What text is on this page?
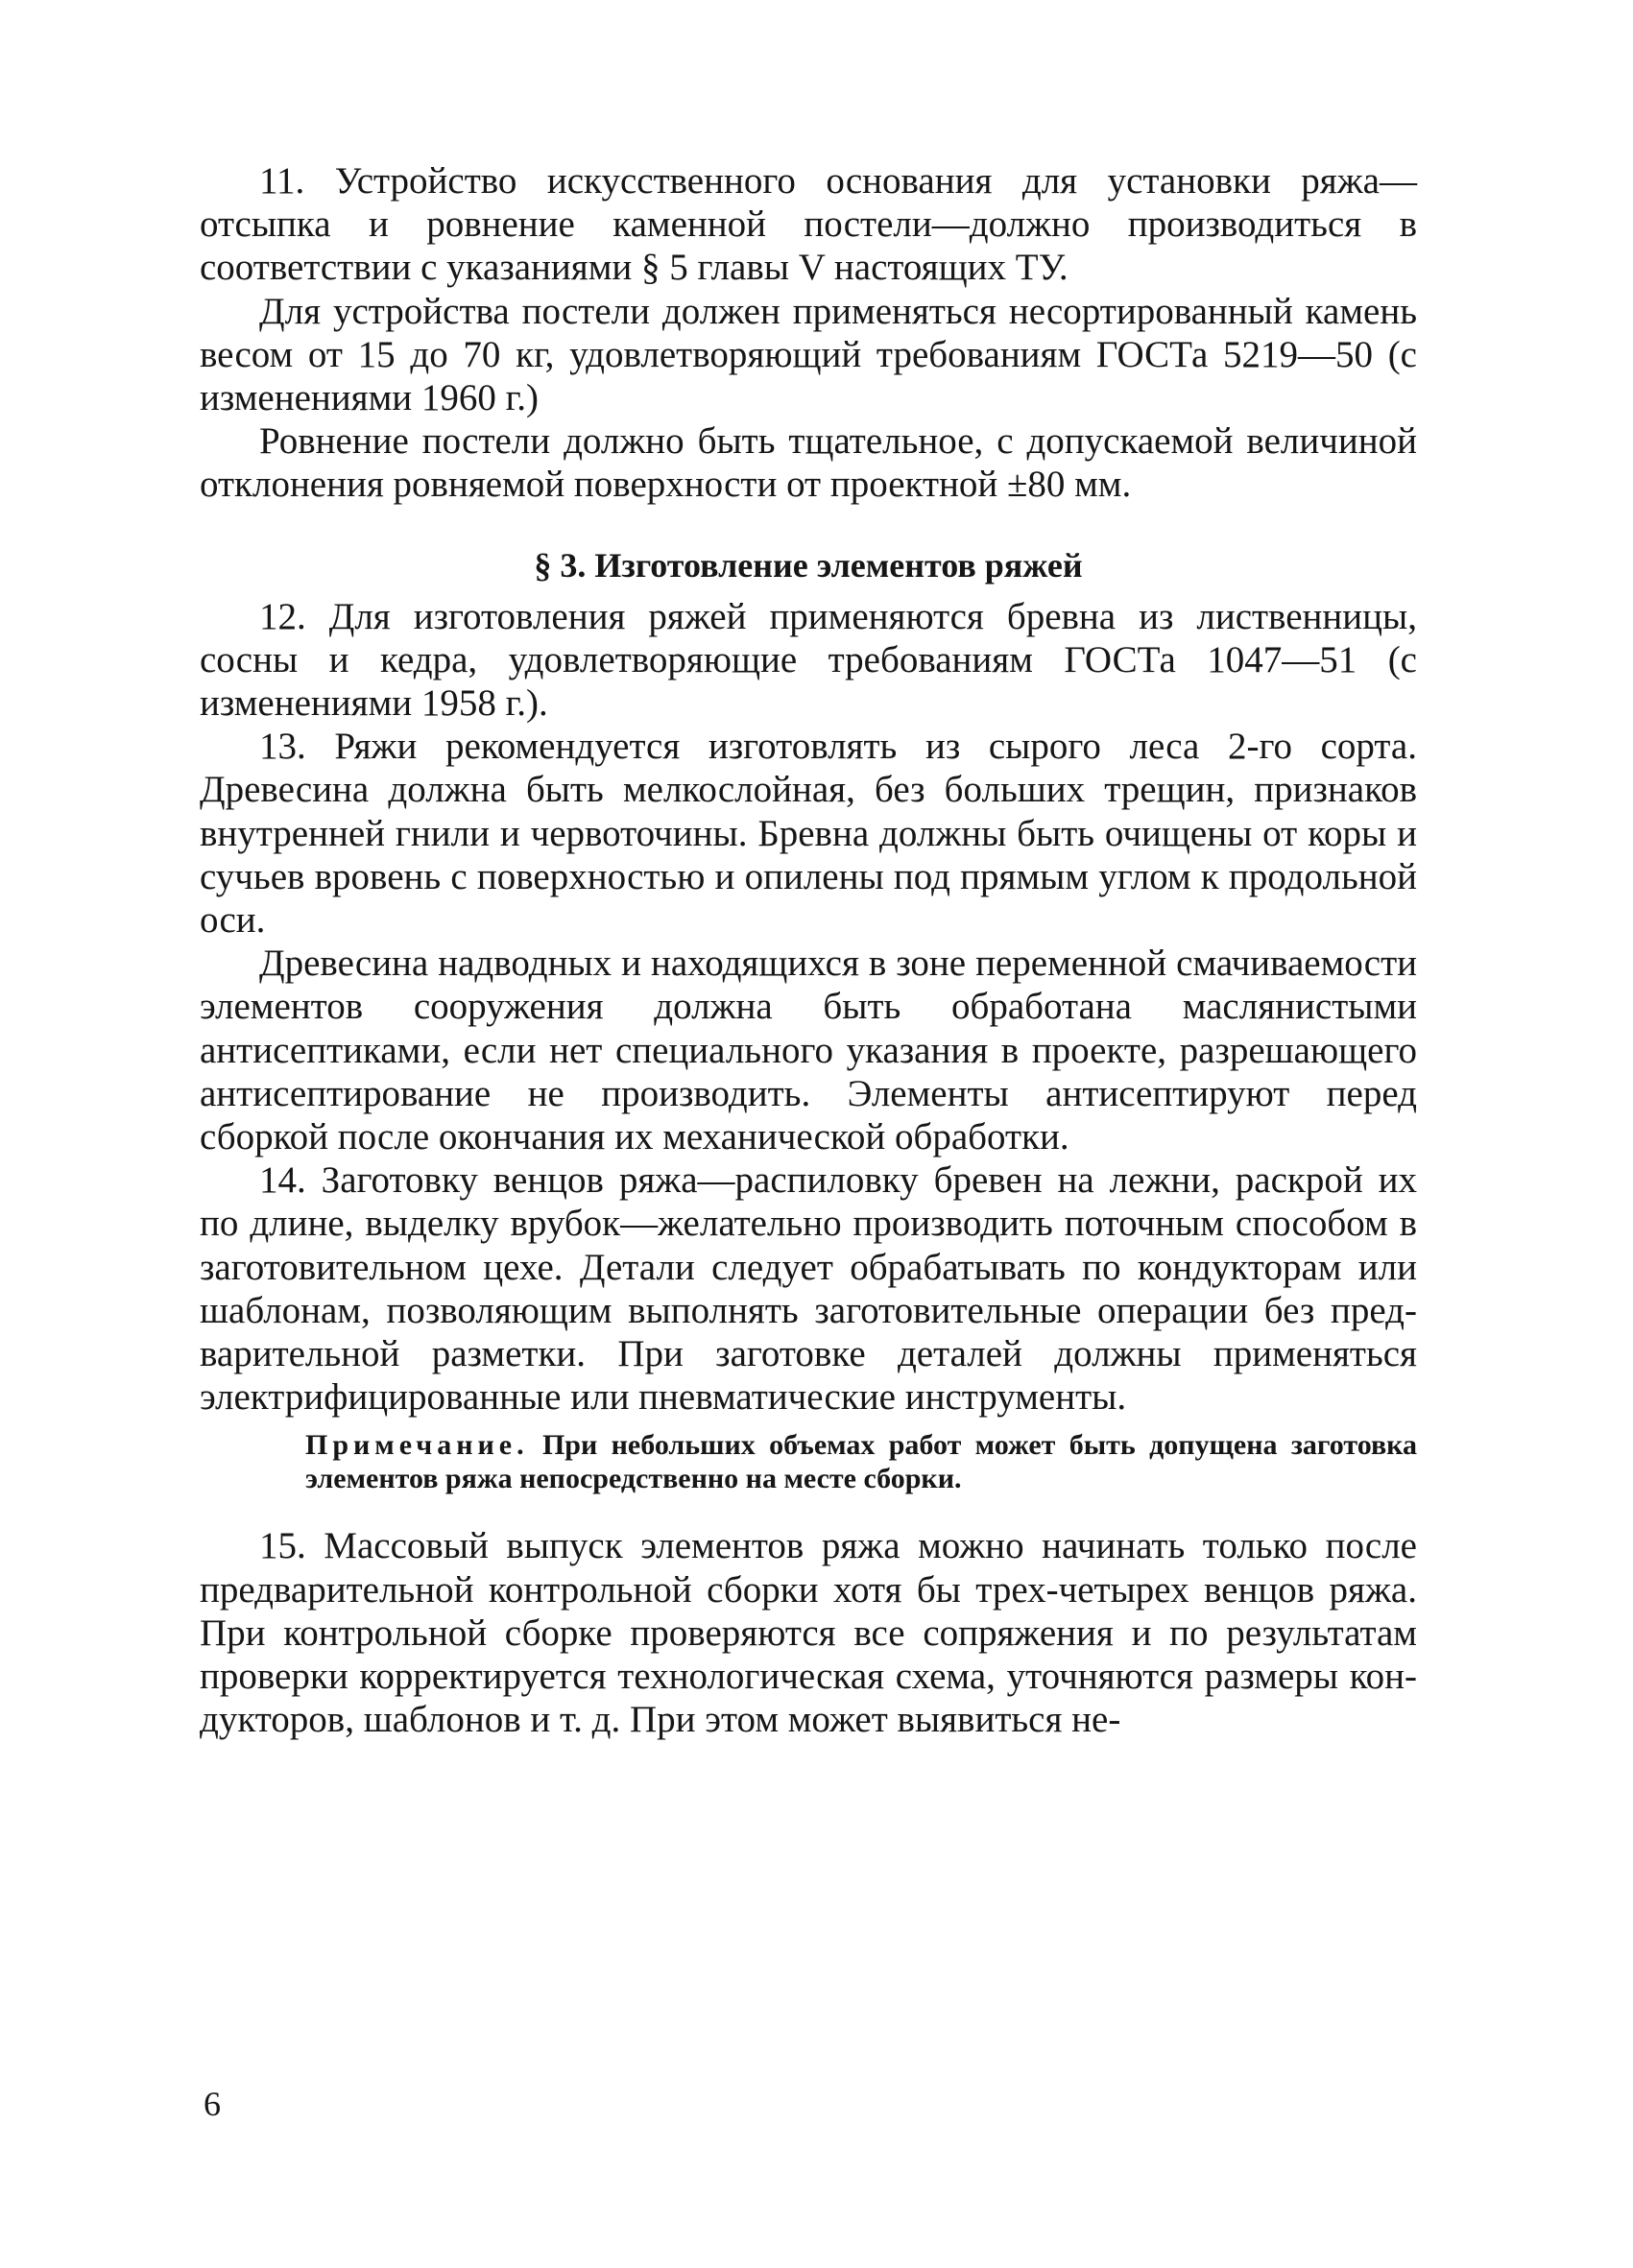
11. Устройство искусственного основания для установки ряжа—отсыпка и ровнение каменной постели—должно производиться в соответствии с указаниями § 5 главы V настоящих ТУ.

Для устройства постели должен применяться несортированный камень весом от 15 до 70 кг, удовлетворяющий требованиям ГОСТа 5219—50 (с изменениями 1960 г.)

Ровнение постели должно быть тщательное, с допускаемой величиной отклонения ровняемой поверхности от проектной ±80 мм.

§ 3. Изготовление элементов ряжей

12. Для изготовления ряжей применяются бревна из лиственницы, сосны и кедра, удовлетворяющие требованиям ГОСТа 1047—51 (с изменениями 1958 г.).

13. Ряжи рекомендуется изготовлять из сырого леса 2-го сорта. Древесина должна быть мелкослойная, без больших трещин, признаков внутренней гнили и червоточины. Бревна должны быть очищены от коры и сучьев вровень с поверхностью и опилены под прямым углом к продольной оси.

Древесина надводных и находящихся в зоне переменной смачиваемости элементов сооружения должна быть обработана маслянистыми антисептиками, если нет специального указания в проекте, разрешающего антисептирование не производить. Элементы антисептируют перед сборкой после окончания их механической обработки.

14. Заготовку венцов ряжа—распиловку бревен на лежни, раскрой их по длине, выделку врубок—желательно производить поточным способом в заготовительном цехе. Детали следует обрабатывать по кондукторам или шаблонам, позволяющим выполнять заготовительные операции без предварительной разметки. При заготовке деталей должны применяться электрифицированные или пневматические инструменты.

Примечание. При небольших объемах работ может быть допущена заготовка элементов ряжа непосредственно на месте сборки.

15. Массовый выпуск элементов ряжа можно начинать только после предварительной контрольной сборки хотя бы трех-четырех венцов ряжа. При контрольной сборке проверяются все сопряжения и по результатам проверки корректируется технологическая схема, уточняются размеры кондукторов, шаблонов и т. д. При этом может выявиться не-

6
